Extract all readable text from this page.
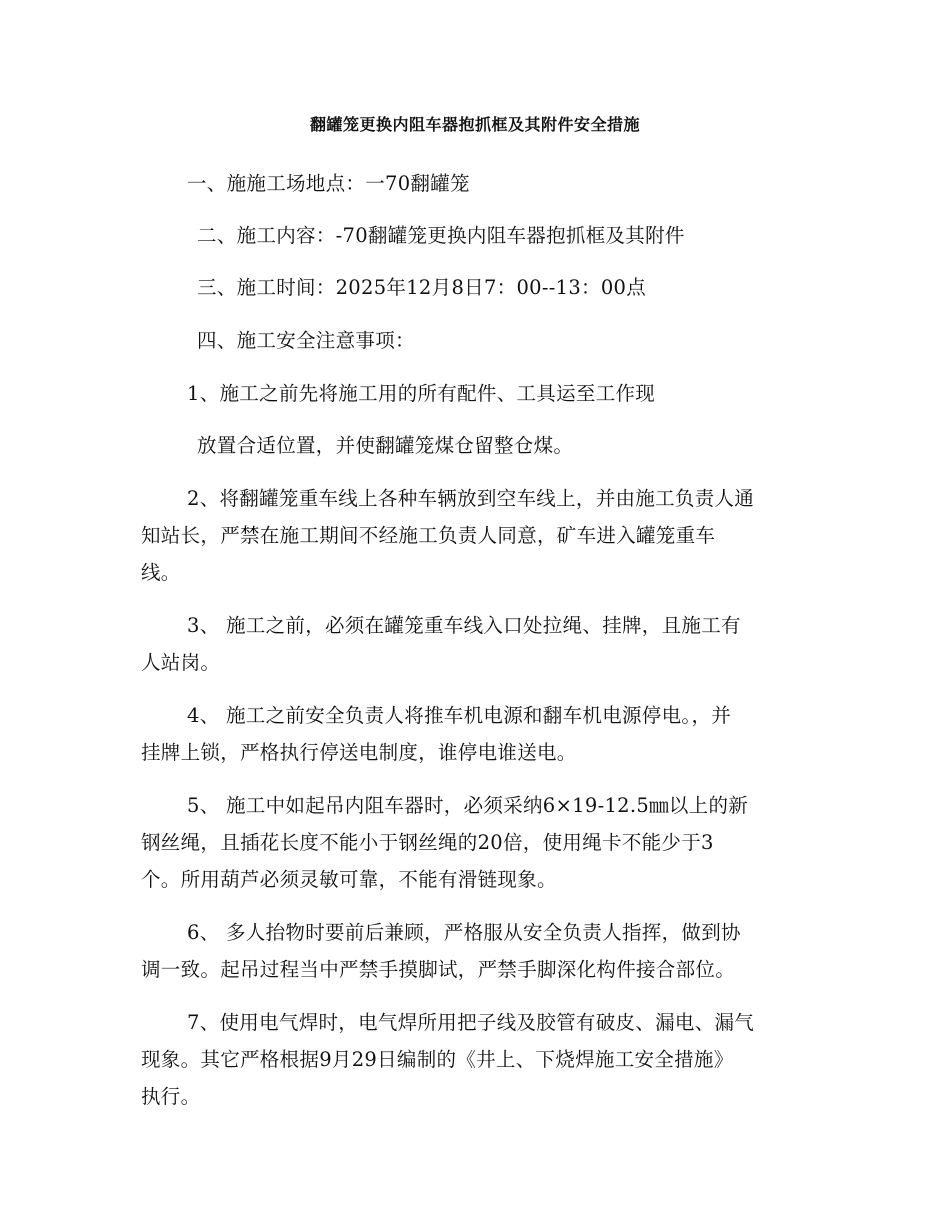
翻罐笼更换内阻车器抱抓框及其附件安全措施
一、施施工场地点：一70翻罐笼
二、施工内容：-70翻罐笼更换内阻车器抱抓框及其附件
三、施工时间：2025年12月8日7：00--13：00点
四、施工安全注意事项：
1、施工之前先将施工用的所有配件、工具运至工作现
放置合适位置，并使翻罐笼煤仓留整仓煤。
2、将翻罐笼重车线上各种车辆放到空车线上，并由施工负责人通
知站长，严禁在施工期间不经施工负责人同意，矿车进入罐笼重车
线。
3、 施工之前，必须在罐笼重车线入口处拉绳、挂牌，且施工有
人站岗。
4、 施工之前安全负责人将推车机电源和翻车机电源停电。，并
挂牌上锁，严格执行停送电制度，谁停电谁送电。
5、 施工中如起吊内阻车器时，必须采纳6×19-12.5㎜以上的新
钢丝绳，且插花长度不能小于钢丝绳的20倍，使用绳卡不能少于3
个。所用葫芦必须灵敏可靠，不能有滑链现象。
6、 多人抬物时要前后兼顾，严格服从安全负责人指挥，做到协
调一致。起吊过程当中严禁手摸脚试，严禁手脚深化构件接合部位。
7、使用电气焊时，电气焊所用把子线及胶管有破皮、漏电、漏气
现象。其它严格根据9月29日编制的《井上、下烧焊施工安全措施》
执行。
